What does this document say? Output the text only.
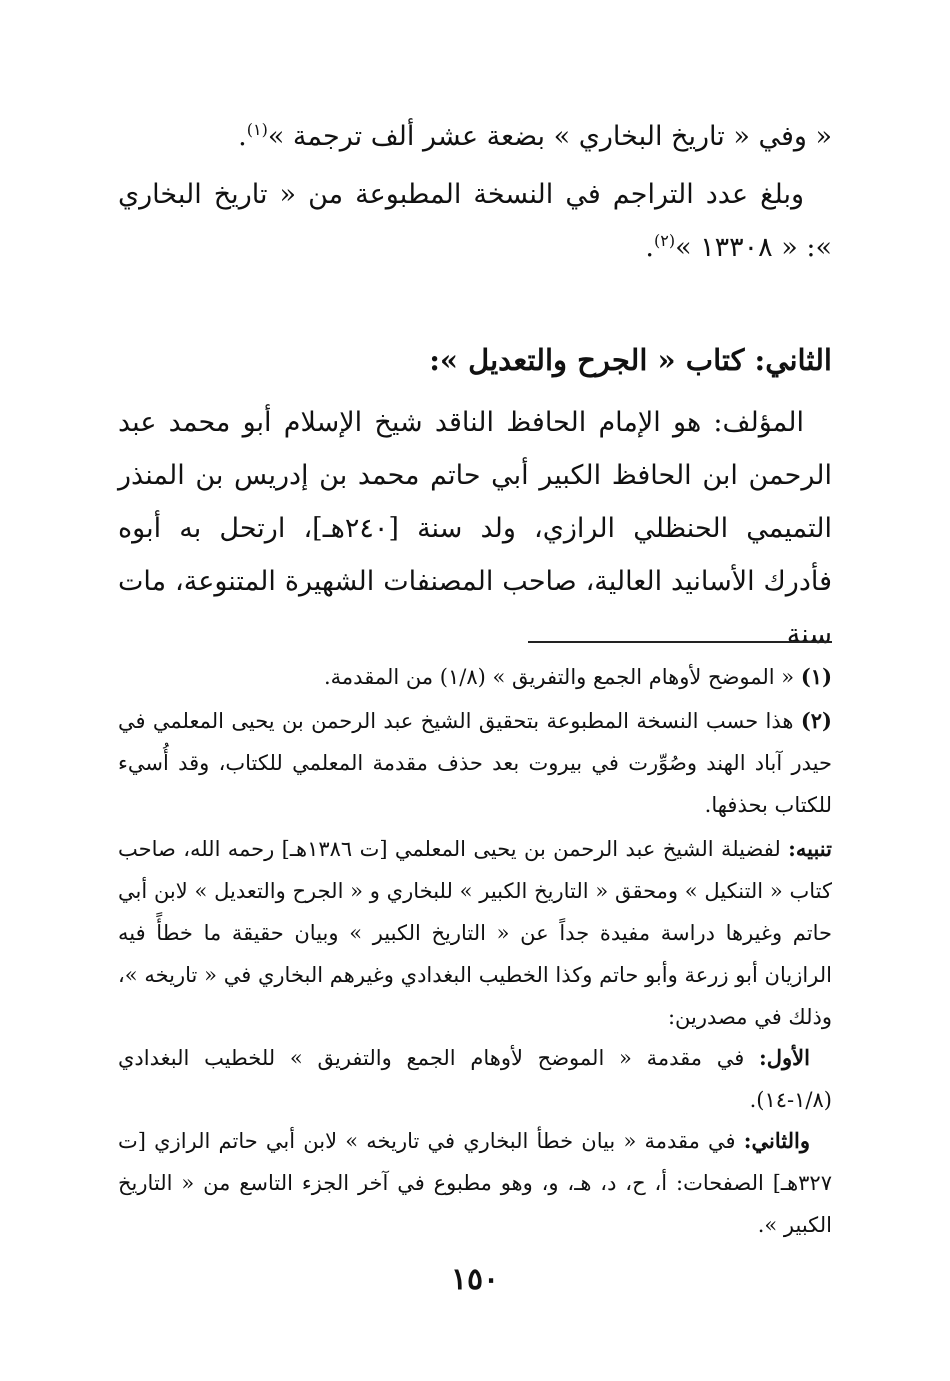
« وفي « تاريخ البخاري » بضعة عشر ألف ترجمة »$^{(١)}$.
وبلغ عدد التراجم في النسخة المطبوعة من « تاريخ البخاري »: « ١٣٣٠٨ »$^{(٢)}$.
الثاني: كتاب « الجرح والتعديل »:
المؤلف: هو الإمام الحافظ الناقد شيخ الإسلام أبو محمد عبد الرحمن ابن الحافظ الكبير أبي حاتم محمد بن إدريس بن المنذر التميمي الحنظلي الرازي، ولد سنة [٢٤٠هـ]، ارتحل به أبوه فأدرك الأسانيد العالية، صاحب المصنفات الشهيرة المتنوعة، مات سنة
(١) « الموضح لأوهام الجمع والتفريق » (١/٨) من المقدمة.
(٢) هذا حسب النسخة المطبوعة بتحقيق الشيخ عبد الرحمن بن يحيى المعلمي في حيدر آباد الهند وصُوِّرت في بيروت بعد حذف مقدمة المعلمي للكتاب، وقد أُسيء للكتاب بحذفها.
تنبيه: لفضيلة الشيخ عبد الرحمن بن يحيى المعلمي [ت ١٣٨٦هـ] رحمه الله، صاحب كتاب « التنكيل » ومحقق « التاريخ الكبير » للبخاري و « الجرح والتعديل » لابن أبي حاتم وغيرها دراسة مفيدة جداً عن « التاريخ الكبير » وبيان حقيقة ما خطأً فيه الرازيان أبو زرعة وأبو حاتم وكذا الخطيب البغدادي وغيرهم البخاري في « تاريخه »، وذلك في مصدرين:
الأول: في مقدمة « الموضح لأوهام الجمع والتفريق » للخطيب البغدادي (١/٨-١٤).
والثاني: في مقدمة « بيان خطأ البخاري في تاريخه » لابن أبي حاتم الرازي [ت ٣٢٧هـ] الصفحات: أ، ح، د، هـ، و، وهو مطبوع في آخر الجزء التاسع من « التاريخ الكبير ».
١٥٠
